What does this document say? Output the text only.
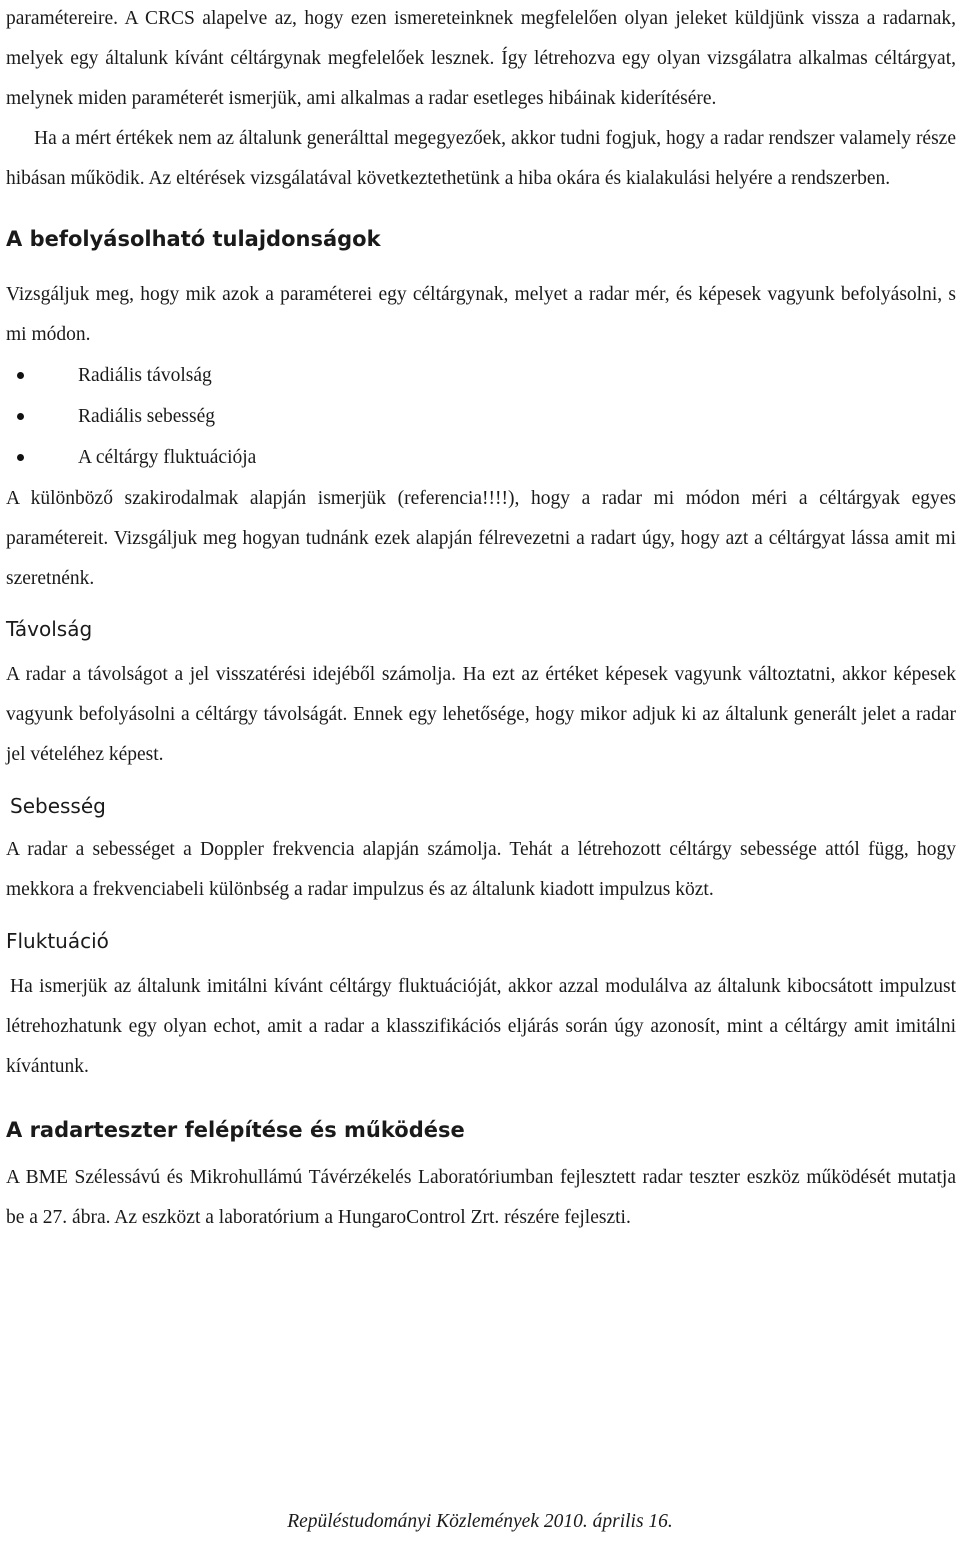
paramétereire. A CRCS alapelve az, hogy ezen ismereteinknek megfelelően olyan jeleket küldjünk vissza a radarnak, melyek egy általunk kívánt céltárgynak megfelelőek lesznek. Így létrehozva egy olyan vizsgálatra alkalmas céltárgyat, melynek miden paraméterét ismerjük, ami alkalmas a radar esetleges hibáinak kiderítésére.

Ha a mért értékek nem az általunk generálttal megegyezőek, akkor tudni fogjuk, hogy a radar rendszer valamely része hibásan működik. Az eltérések vizsgálatával következtethetünk a hiba okára és kialakulási helyére a rendszerben.

A befolyásolható tulajdonságok

Vizsgáljuk meg, hogy mik azok a paraméterei egy céltárgynak, melyet a radar mér, és képesek vagyunk befolyásolni, s mi módon.

Radiális távolság
Radiális sebesség
A céltárgy fluktuációja

A különböző szakirodalmak alapján ismerjük (referencia!!!!), hogy a radar mi módon méri a céltárgyak egyes paramétereit. Vizsgáljuk meg hogyan tudnánk ezek alapján félrevezetni a radart úgy, hogy azt a céltárgyat lássa amit mi szeretnénk.

Távolság

A radar a távolságot a jel visszatérési idejéből számolja. Ha ezt az értéket képesek vagyunk változtatni, akkor képesek vagyunk befolyásolni a céltárgy távolságát. Ennek egy lehetősége, hogy mikor adjuk ki az általunk generált jelet a radar jel vételéhez képest.

Sebesség

A radar a sebességet a Doppler frekvencia alapján számolja. Tehát a létrehozott céltárgy sebessége attól függ, hogy mekkora a frekvenciabeli különbség a radar impulzus és az általunk kiadott impulzus közt.

Fluktuáció

Ha ismerjük az általunk imitálni kívánt céltárgy fluktuációját, akkor azzal modulálva az általunk kibocsátott impulzust létrehozhatunk egy olyan echot, amit a radar a klasszifikációs eljárás során úgy azonosít, mint a céltárgy amit imitálni kívántunk.

A radarteszter felépítése és működése

A BME Szélessávú és Mikrohullámú Távérzékelés Laboratóriumban fejlesztett radar teszter eszköz működését mutatja be a 27. ábra. Az eszközt a laboratórium a HungaroControl Zrt. részére fejleszti.

Repüléstudományi Közlemények 2010. április 16.
